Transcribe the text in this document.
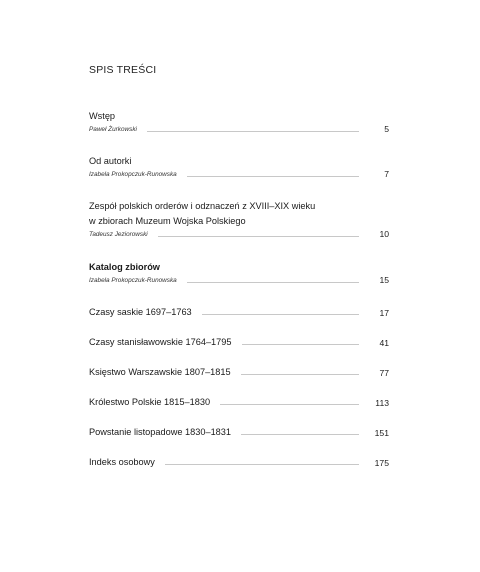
SPIS TREŚCI
Wstęp
Paweł Żurkowski	5
Od autorki
Izabela Prokopczuk-Runowska	7
Zespół polskich orderów i odznaczeń z XVIII–XIX wieku
w zbiorach Muzeum Wojska Polskiego
Tadeusz Jeziorowski	10
Katalog zbiorów
Izabela Prokopczuk-Runowska	15
Czasy saskie 1697–1763	17
Czasy stanisławowskie 1764–1795	41
Księstwo Warszawskie 1807–1815	77
Królestwo Polskie 1815–1830	113
Powstanie listopadowe 1830–1831	151
Indeks osobowy	175
